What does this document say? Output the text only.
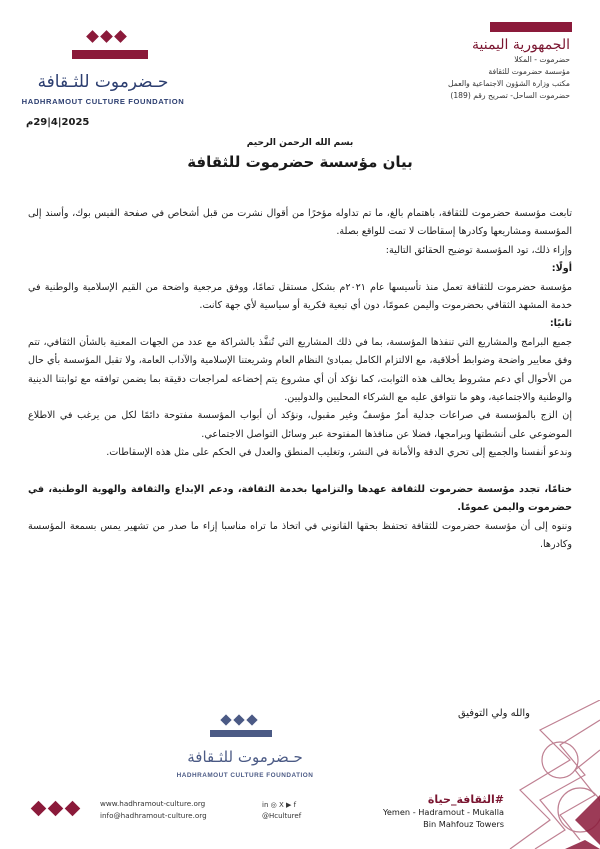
حـضرموت للثـقافة
HADHRAMOUT CULTURE FOUNDATION
الجمهورية اليمنية
حضرموت - المكلا
مؤسسة حضرموت للثقافة
مكتب وزارة الشؤون الاجتماعية والعمل
حضرموت الساحل- تصريح رقم (189)
2025|4|29م
بسم الله الرحمن الرحيم
بيان مؤسسة حضرموت للثقافة

تابعت مؤسسة حضرموت للثقافة، باهتمام بالغ، ما تم تداوله مؤخرًا من أقوال نشرت من قبل أشخاص في صفحة الفيس بوك، وأسند إلى المؤسسة ومشاريعها وكادرها إسقاطات لا تمت للواقع بصلة.

وإزاء ذلك، تود المؤسسة توضيح الحقائق التالية:

أولًا:

مؤسسة حضرموت للثقافة تعمل منذ تأسيسها عام ٢٠٢١م بشكل مستقل تمامًا، ووفق مرجعية واضحة من القيم الإسلامية والوطنية في خدمة المشهد الثقافي بحضرموت واليمن عمومًا، دون أي تبعية فكرية أو سياسية لأي جهة كانت.

ثانيًا:

جميع البرامج والمشاريع التي تنفذها المؤسسة، بما في ذلك المشاريع التي تُنفَّذ بالشراكة مع عدد من الجهات المعنية بالشأن الثقافي، تتم وفق معايير واضحة وضوابط أخلاقية، مع الالتزام الكامل بمبادئ النظام العام وشريعتنا الإسلامية والآداب العامة، ولا تقبل المؤسسة بأي حال من الأحوال أي دعم مشروط يخالف هذه الثوابت، كما نؤكد أن أي مشروع يتم إخضاعه لمراجعات دقيقة بما يضمن توافقه مع ثوابتنا الدينية والوطنية والاجتماعية، وهو ما نتوافق عليه مع الشركاء المحليين والدوليين.

إن الزج بالمؤسسة في صراعات جدلية أمرٌ مؤسفٌ وغير مقبول، ونؤكد أن أبواب المؤسسة مفتوحة دائمًا لكل من يرغب في الاطلاع الموضوعي على أنشطتها وبرامجها، فضلا عن منافذها المفتوحة عبر وسائل التواصل الاجتماعي.

وندعو أنفسنا والجميع إلى تحري الدقة والأمانة في النشر، وتغليب المنطق والعدل في الحكم على مثل هذه الإسقاطات.

ختامًا، تجدد مؤسسة حضرموت للثقافة عهدها والتزامها بخدمة الثقافة، ودعم الإبداع والثقافة والهوية الوطنية، في حضرموت واليمن عمومًا.

وننوه إلى أن مؤسسة حضرموت للثقافة تحتفظ بحقها القانوني في اتخاذ ما تراه مناسبا إزاء ما صدر من تشهير يمس بسمعة المؤسسة وكادرها.

والله ولي التوفيق
حـضرموت للثـقافة
HADHRAMOUT CULTURE FOUNDATION
www.hadhramout-culture.org
info@hadhramout-culture.org
in ◎ X ▶ f
@Hculturef
#الثقافة_حياة
Yemen - Hadramout - Mukalla
Bin Mahfouz Towers
